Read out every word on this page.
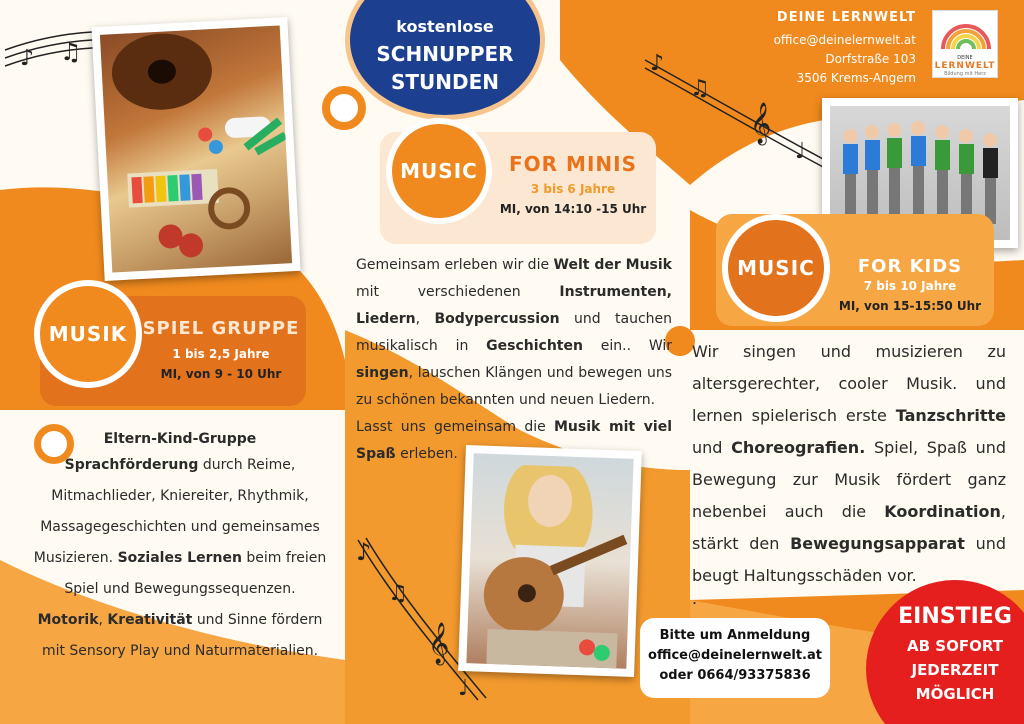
♪ ♫	♪
♫
𝄞
♩
♪
♫
𝄞
♩
kostenlose
SCHNUPPER
STUNDEN
DEINE LERNWELT
office@deinelernwelt.at
Dorfstraße 103
3506 Krems-Angern
DEINE
LERNWELT
Bildung mit Herz
MUSIC	FOR MINIS
3 bis 6 Jahre
MI, von 14:10 -15 Uhr
MUSIC	FOR KIDS
7 bis 10 Jahre
MI, von 15-15:50 Uhr
MUSIK SPIEL GRUPPE
1 bis 2,5 Jahre
MI, von 9 - 10 Uhr
Gemeinsam erleben wir die Welt der Musik mit verschiedenen	Instrumenten, Liedern, Bodypercussion und tauchen musikalisch in Geschichten ein.. Wir singen, lauschen Klängen und bewegen uns zu schönen bekannten und neuen Liedern.
Lasst uns gemeinsam die Musik mit viel Spaß erleben.
Wir singen und musizieren zu altersgerechter, cooler Musik. und lernen spielerisch erste Tanzschritte und Choreografien. Spiel, Spaß und Bewegung zur Musik fördert ganz nebenbei auch die Koordination, stärkt den Bewegungsapparat und beugt Haltungsschäden vor.
.
Eltern-Kind-Gruppe
Sprachförderung durch Reime, Mitmachlieder, Kniereiter, Rhythmik, Massagegeschichten und gemeinsames Musizieren. Soziales Lernen beim freien Spiel und Bewegungssequenzen. Motorik, Kreativität und Sinne fördern mit Sensory Play und Naturmaterialien.
Bitte um Anmeldung
office@deinelernwelt.at
oder 0664/93375836
EINSTIEG
AB SOFORT
JEDERZEIT
MÖGLICH
